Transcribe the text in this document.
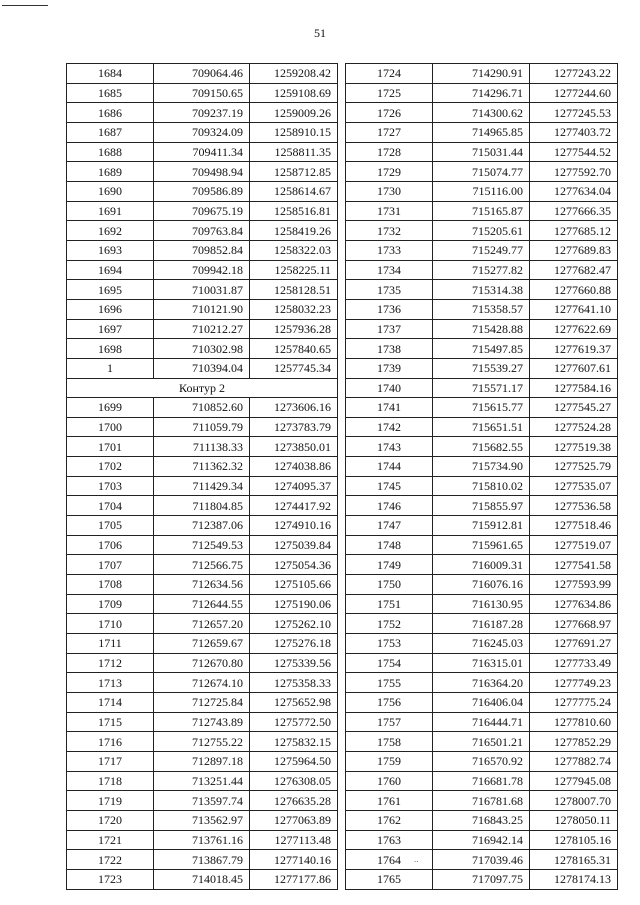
51
1684	709064.46	1259208.42
1685	709150.65	1259108.69
1686	709237.19	1259009.26
1687	709324.09	1258910.15
1688	709411.34	1258811.35
1689	709498.94	1258712.85
1690	709586.89	1258614.67
1691	709675.19	1258516.81
1692	709763.84	1258419.26
1693	709852.84	1258322.03
1694	709942.18	1258225.11
1695	710031.87	1258128.51
1696	710121.90	1258032.23
1697	710212.27	1257936.28
1698	710302.98	1257840.65
1	710394.04	1257745.34
Контур 2		
1699	710852.60	1273606.16
1700	711059.79	1273783.79
1701	711138.33	1273850.01
1702	711362.32	1274038.86
1703	711429.34	1274095.37
1704	711804.85	1274417.92
1705	712387.06	1274910.16
1706	712549.53	1275039.84
1707	712566.75	1275054.36
1708	712634.56	1275105.66
1709	712644.55	1275190.06
1710	712657.20	1275262.10
1711	712659.67	1275276.18
1712	712670.80	1275339.56
1713	712674.10	1275358.33
1714	712725.84	1275652.98
1715	712743.89	1275772.50
1716	712755.22	1275832.15
1717	712897.18	1275964.50
1718	713251.44	1276308.05
1719	713597.74	1276635.28
1720	713562.97	1277063.89
1721	713761.16	1277113.48
1722	713867.79	1277140.16
1723	714018.45	1277177.86
1724	714290.91	1277243.22
1725	714296.71	1277244.60
1726	714300.62	1277245.53
1727	714965.85	1277403.72
1728	715031.44	1277544.52
1729	715074.77	1277592.70
1730	715116.00	1277634.04
1731	715165.87	1277666.35
1732	715205.61	1277685.12
1733	715249.77	1277689.83
1734	715277.82	1277682.47
1735	715314.38	1277660.88
1736	715358.57	1277641.10
1737	715428.88	1277622.69
1738	715497.85	1277619.37
1739	715539.27	1277607.61
1740	715571.17	1277584.16
1741	715615.77	1277545.27
1742	715651.51	1277524.28
1743	715682.55	1277519.38
1744	715734.90	1277525.79
1745	715810.02	1277535.07
1746	715855.97	1277536.58
1747	715912.81	1277518.46
1748	715961.65	1277519.07
1749	716009.31	1277541.58
1750	716076.16	1277593.99
1751	716130.95	1277634.86
1752	716187.28	1277668.97
1753	716245.03	1277691.27
1754	716315.01	1277733.49
1755	716364.20	1277749.23
1756	716406.04	1277775.24
1757	716444.71	1277810.60
1758	716501.21	1277852.29
1759	716570.92	1277882.74
1760	716681.78	1277945.08
1761	716781.68	1278007.70
1762	716843.25	1278050.11
1763	716942.14	1278105.16
1764	717039.46	1278165.31
1765	717097.75	1278174.13
..
